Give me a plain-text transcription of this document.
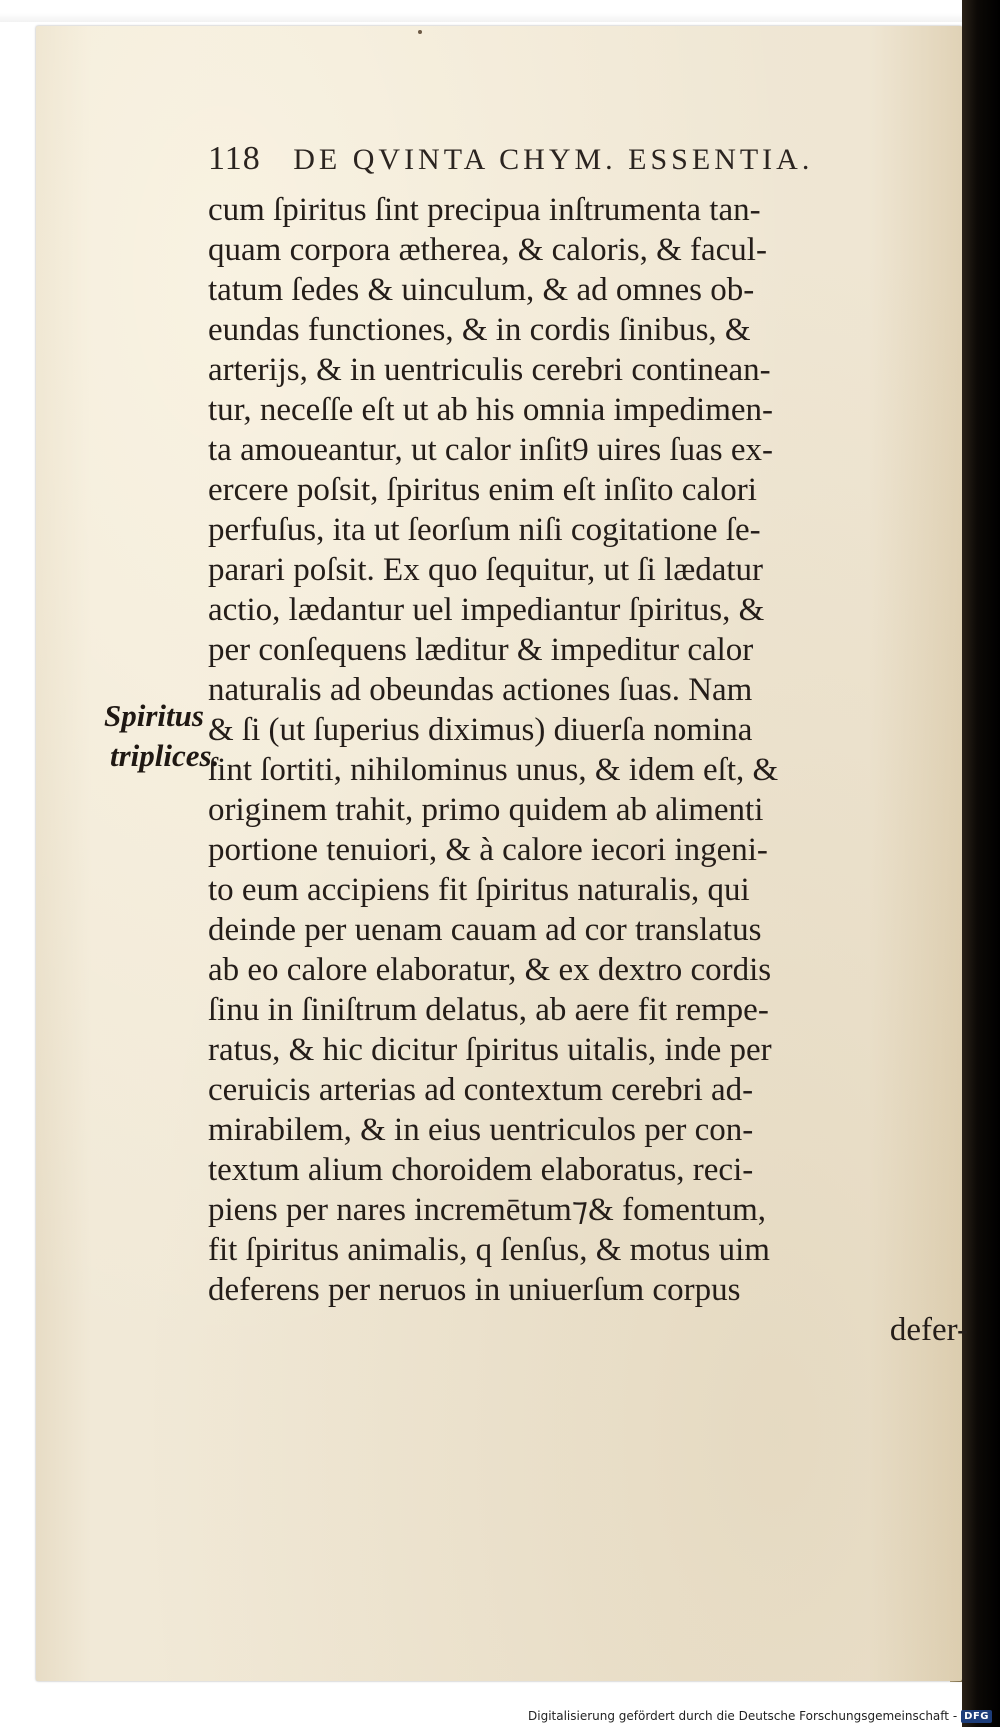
118 DE QVINTA CHYM. ESSENTIA.
Spiritus
triplices.
cum ſpiritus ſint precipua inſtrumenta tan-
quam corpora ætherea, & caloris, & facul-
tatum ſedes & uinculum, & ad omnes ob-
eundas functiones, & in cordis ſinibus, &
arterijs, & in uentriculis cerebri continean-
tur, neceſſe eſt ut ab his omnia impedimen-
ta amoueantur, ut calor inſit9 uires ſuas ex-
ercere poſsit, ſpiritus enim eſt inſito calori
perfuſus, ita ut ſeorſum niſi cogitatione ſe-
parari poſsit. Ex quo ſequitur, ut ſi lædatur
actio, lædantur uel impediantur ſpiritus, &
per conſequens læditur & impeditur calor
naturalis ad obeundas actiones ſuas. Nam
& ſi (ut ſuperius diximus) diuerſa nomina
ſint ſortiti, nihilominus unus, & idem eſt, &
originem trahit, primo quidem ab alimenti
portione tenuiori, & à calore iecori ingeni-
to eum accipiens fit ſpiritus naturalis, qui
deinde per uenam cauam ad cor translatus
ab eo calore elaboratur, & ex dextro cordis
ſinu in ſiniſtrum delatus, ab aere fit rempe-
ratus, & hic dicitur ſpiritus uitalis, inde per
ceruicis arterias ad contextum cerebri ad-
mirabilem, & in eius uentriculos per con-
textum alium choroidem elaboratus, reci-
piens per nares incremētum⁊& fomentum,
fit ſpiritus animalis, q ſenſus, & motus uim
deferens per neruos in uniuerſum corpus
defer-
Digitalisierung gefördert durch die Deutsche Forschungsgemeinschaft - DFG
